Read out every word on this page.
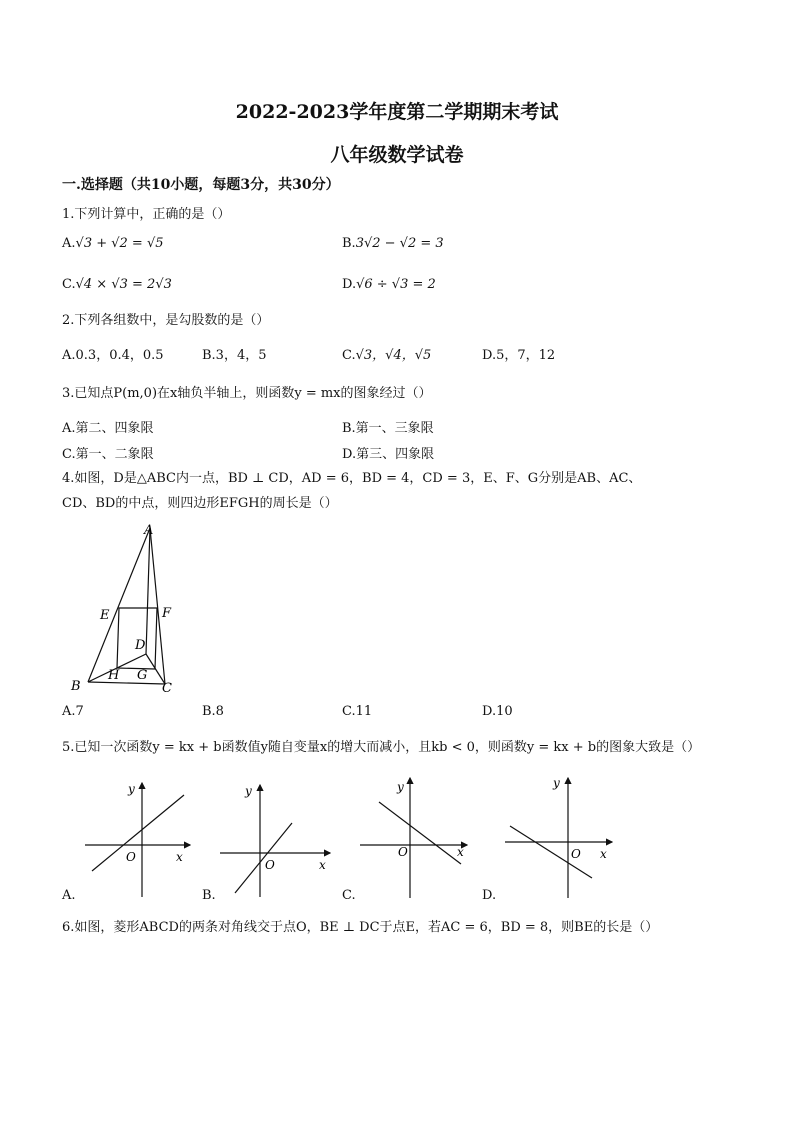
2022-2023学年度第二学期期末考试
八年级数学试卷
一.选择题（共10小题，每题3分，共30分）
1.下列计算中，正确的是（）
A.√3 + √2 = √5	B.3√2 − √2 = 3
C.√4 × √3 = 2√3	D.√6 ÷ √3 = 2
2.下列各组数中，是勾股数的是（）
A.0.3，0.4，0.5	B.3，4，5	C.√3，√4，√5	D.5，7，12
3.已知点P(m,0)在x轴负半轴上，则函数y = mx的图象经过（）
A.第二、四象限	B.第一、三象限
C.第一、二象限	D.第三、四象限
4.如图，D是△ABC内一点，BD ⊥ CD，AD = 6，BD = 4，CD = 3，E、F、G分别是AB、AC、
CD、BD的中点，则四边形EFGH的周长是（）
A
E	F
D
H G
B	C
A.7	B.8	C.11	D.10
5.已知一次函数y = kx + b函数值y随自变量x的增大而减小，且kb < 0，则函数y = kx + b的图象大致是（）
O	x
y
O	x
y
O	x
y
O x
y
A.	B.	C.	D.
6.如图，菱形ABCD的两条对角线交于点O，BE ⊥ DC于点E，若AC = 6，BD = 8，则BE的长是（）
